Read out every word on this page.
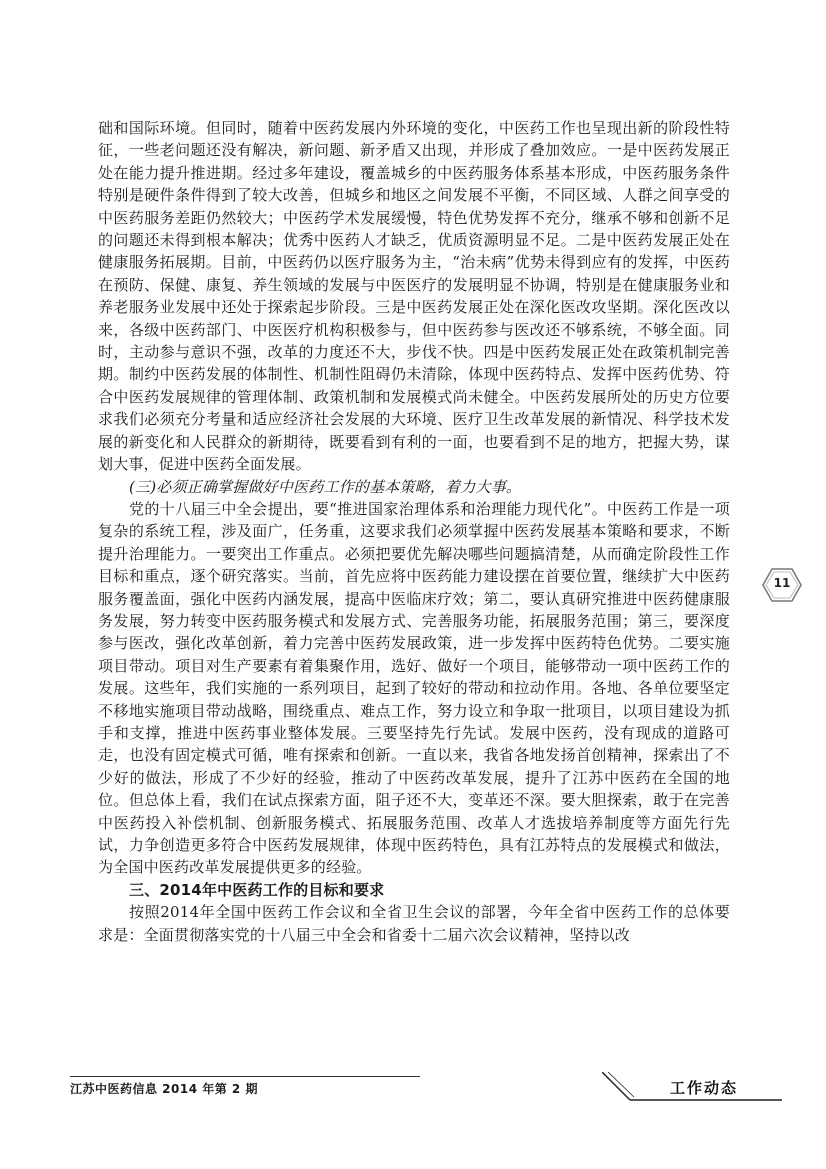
础和国际环境。但同时，随着中医药发展内外环境的变化，中医药工作也呈现出新的阶段性特征，一些老问题还没有解决，新问题、新矛盾又出现，并形成了叠加效应。一是中医药发展正处在能力提升推进期。经过多年建设，覆盖城乡的中医药服务体系基本形成，中医药服务条件特别是硬件条件得到了较大改善，但城乡和地区之间发展不平衡，不同区域、人群之间享受的中医药服务差距仍然较大；中医药学术发展缓慢，特色优势发挥不充分，继承不够和创新不足的问题还未得到根本解决；优秀中医药人才缺乏，优质资源明显不足。二是中医药发展正处在健康服务拓展期。目前，中医药仍以医疗服务为主，“治未病”优势未得到应有的发挥，中医药在预防、保健、康复、养生领域的发展与中医医疗的发展明显不协调，特别是在健康服务业和养老服务业发展中还处于探索起步阶段。三是中医药发展正处在深化医改攻坚期。深化医改以来，各级中医药部门、中医医疗机构积极参与，但中医药参与医改还不够系统，不够全面。同时，主动参与意识不强，改革的力度还不大，步伐不快。四是中医药发展正处在政策机制完善期。制约中医药发展的体制性、机制性阻碍仍未清除，体现中医药特点、发挥中医药优势、符合中医药发展规律的管理体制、政策机制和发展模式尚未健全。中医药发展所处的历史方位要求我们必须充分考量和适应经济社会发展的大环境、医疗卫生改革发展的新情况、科学技术发展的新变化和人民群众的新期待，既要看到有利的一面，也要看到不足的地方，把握大势，谋划大事，促进中医药全面发展。

(三)必须正确掌握做好中医药工作的基本策略，着力大事。

党的十八届三中全会提出，要“推进国家治理体系和治理能力现代化”。中医药工作是一项复杂的系统工程，涉及面广，任务重，这要求我们必须掌握中医药发展基本策略和要求，不断提升治理能力。一要突出工作重点。必须把要优先解决哪些问题搞清楚，从而确定阶段性工作目标和重点，逐个研究落实。当前，首先应将中医药能力建设摆在首要位置，继续扩大中医药服务覆盖面，强化中医药内涵发展，提高中医临床疗效；第二，要认真研究推进中医药健康服务发展，努力转变中医药服务模式和发展方式、完善服务功能，拓展服务范围；第三，要深度参与医改，强化改革创新，着力完善中医药发展政策，进一步发挥中医药特色优势。二要实施项目带动。项目对生产要素有着集聚作用，选好、做好一个项目，能够带动一项中医药工作的发展。这些年，我们实施的一系列项目，起到了较好的带动和拉动作用。各地、各单位要坚定不移地实施项目带动战略，围绕重点、难点工作，努力设立和争取一批项目，以项目建设为抓手和支撑，推进中医药事业整体发展。三要坚持先行先试。发展中医药，没有现成的道路可走，也没有固定模式可循，唯有探索和创新。一直以来，我省各地发扬首创精神，探索出了不少好的做法，形成了不少好的经验，推动了中医药改革发展，提升了江苏中医药在全国的地位。但总体上看，我们在试点探索方面，阻子还不大，变革还不深。要大胆探索，敢于在完善中医药投入补偿机制、创新服务模式、拓展服务范围、改革人才选拔培养制度等方面先行先试，力争创造更多符合中医药发展规律，体现中医药特色，具有江苏特点的发展模式和做法，为全国中医药改革发展提供更多的经验。

三、2014年中医药工作的目标和要求

按照2014年全国中医药工作会议和全省卫生会议的部署，今年全省中医药工作的总体要求是：全面贯彻落实党的十八届三中全会和省委十二届六次会议精神，坚持以改

11
江苏中医药信息 2014 年第 2 期	工作动态
